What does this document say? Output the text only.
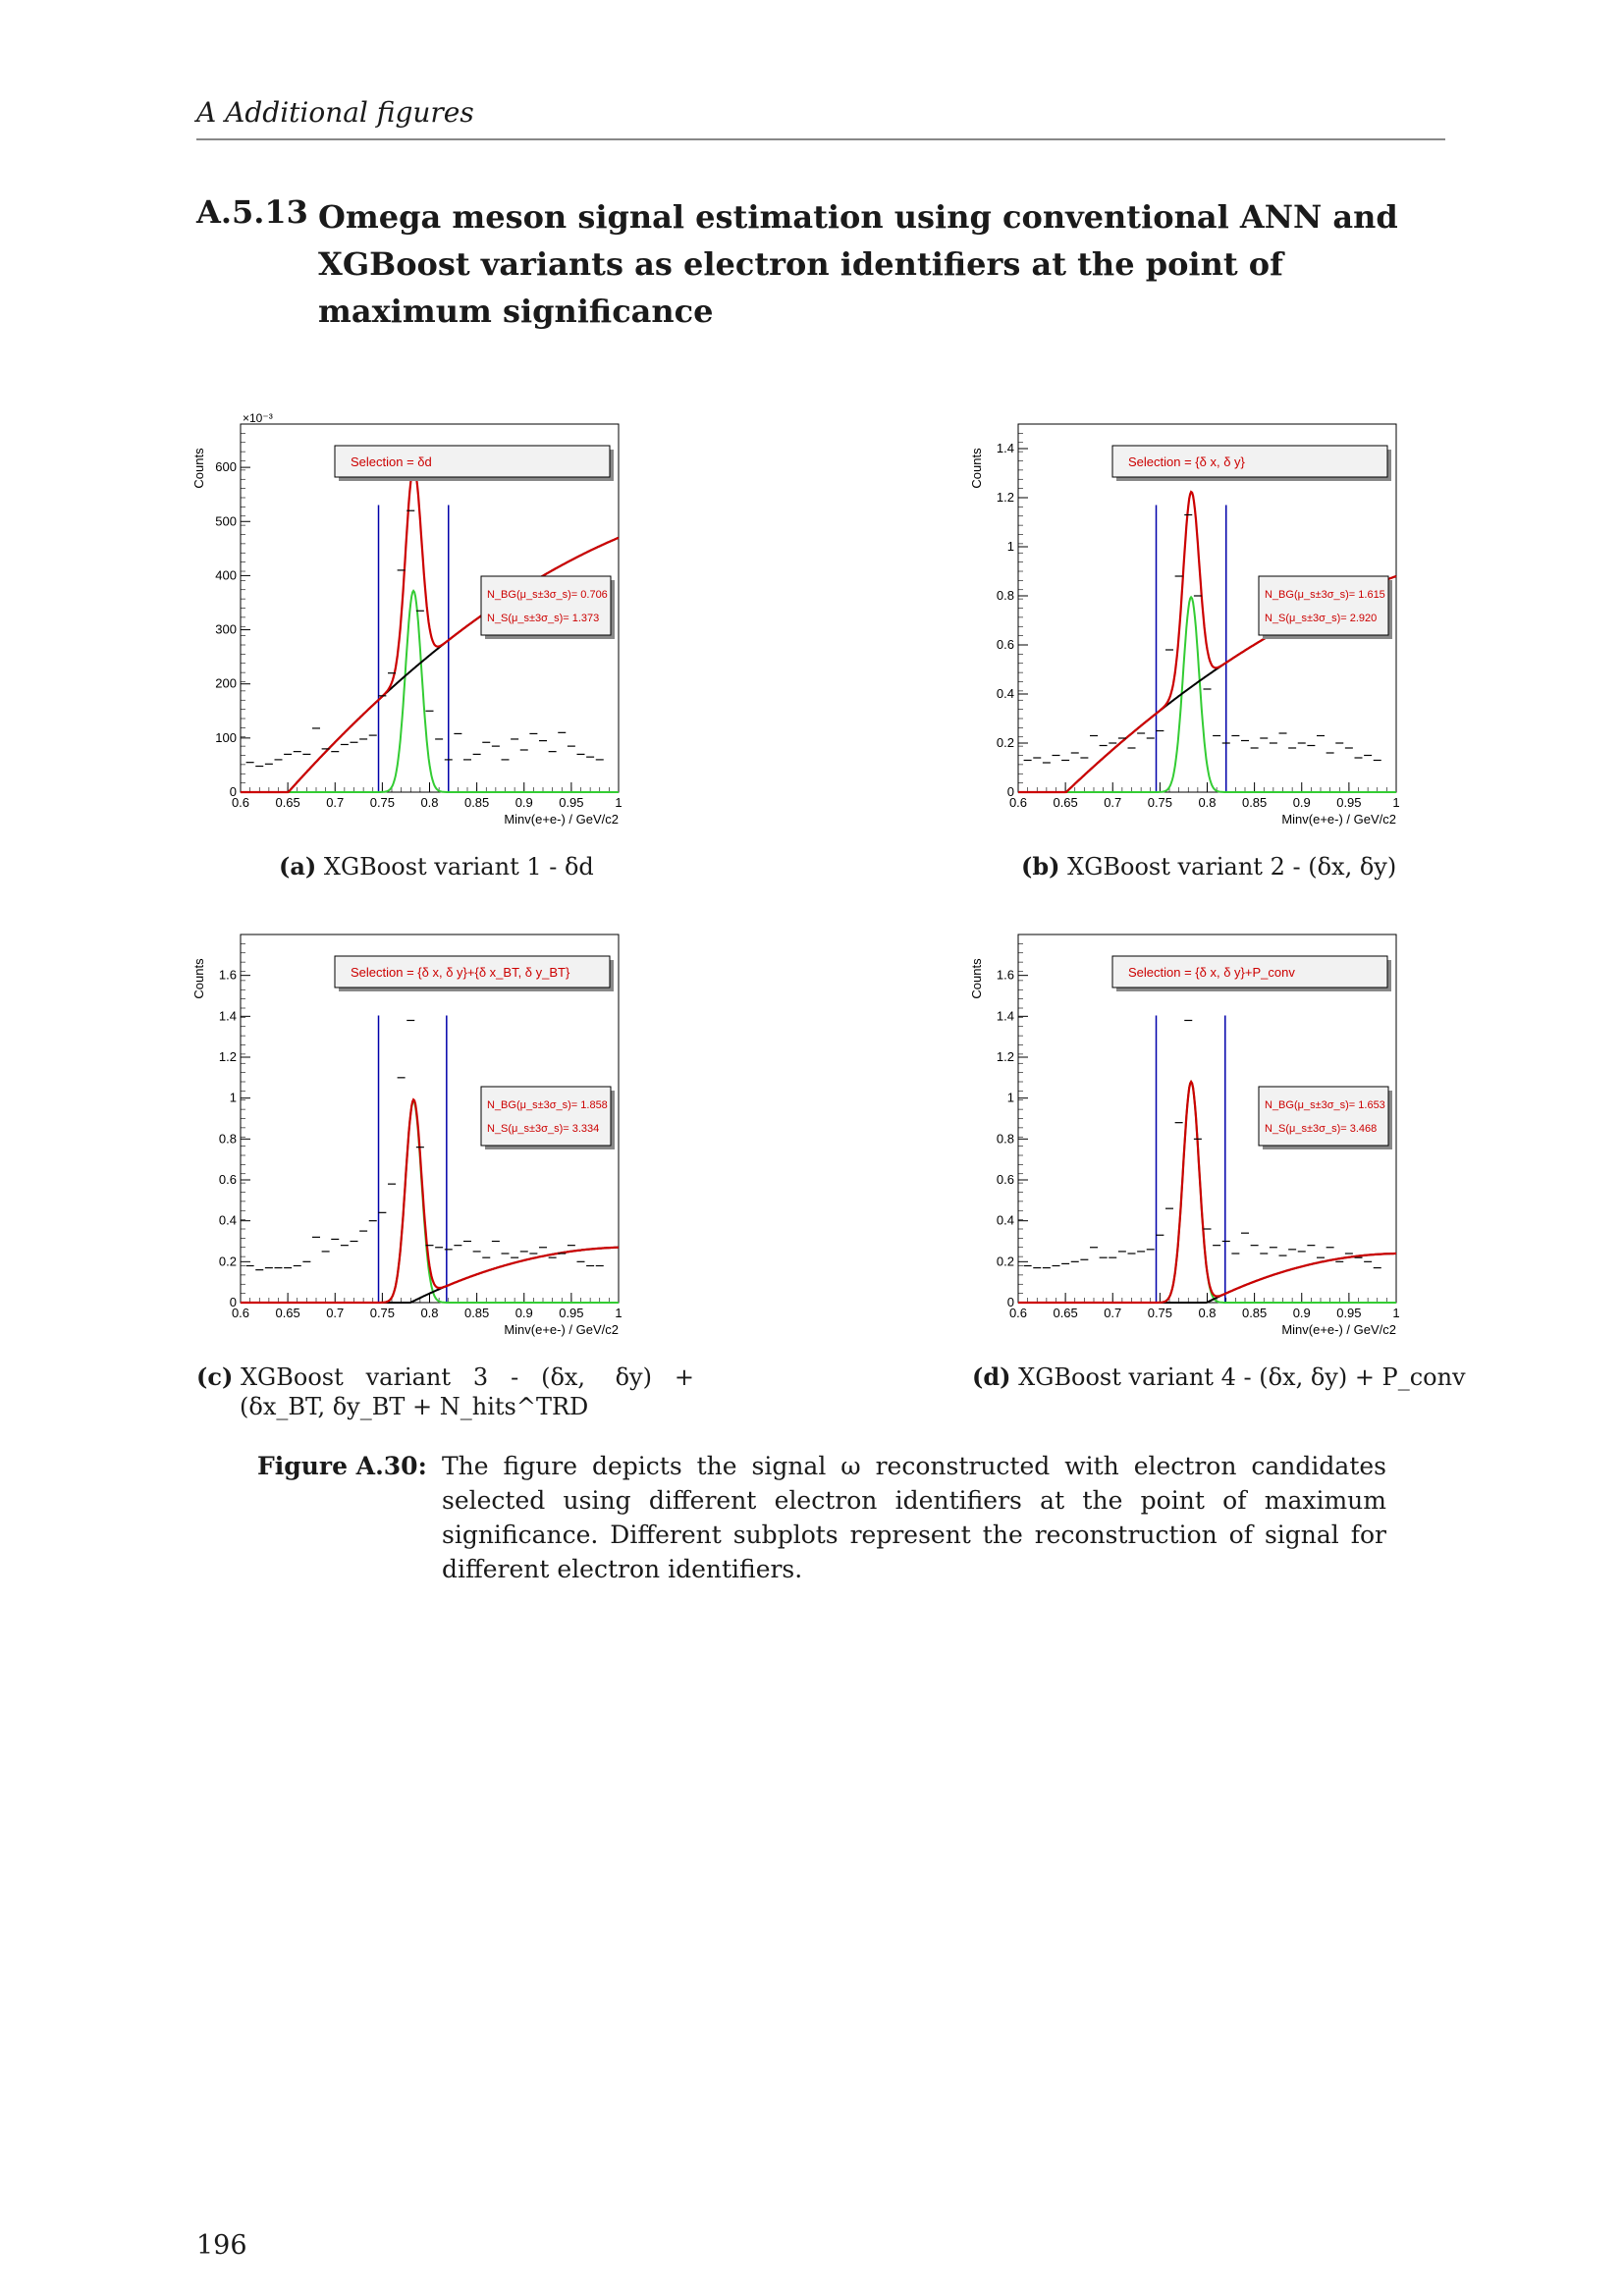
A Additional figures
A.5.13 Omega meson signal estimation using conventional ANN and XGBoost variants as electron identifiers at the point of maximum significance
100
200
300
400
500
600
0
0.6 0.65 0.7 0.75 0.8 0.85 0.9 0.95 1
Counts
Minv(e+e-) / GeV/c2
×10⁻³
Selection = δd
N_BG(μ_s±3σ_s)= 0.706
N_S(μ_s±3σ_s)= 1.373
0.2
0.4
0.6
0.8
1
1.2
1.4
0
0.6 0.65 0.7 0.75 0.8 0.85 0.9 0.95 1
Counts
Minv(e+e-) / GeV/c2
Selection = {δ x, δ y}
N_BG(μ_s±3σ_s)= 1.615
N_S(μ_s±3σ_s)= 2.920
0.2
0.4
0.6
0.8
1
1.2
1.4
1.6
0
0.6 0.65 0.7 0.75 0.8 0.85 0.9 0.95 1
Counts
Minv(e+e-) / GeV/c2
Selection = {δ x, δ y}+{δ x_BT, δ y_BT}
N_BG(μ_s±3σ_s)= 1.858
N_S(μ_s±3σ_s)= 3.334
0.2
0.4
0.6
0.8
1
1.2
1.4
1.6
0
0.6 0.65 0.7 0.75 0.8 0.85 0.9 0.95 1
Counts
Minv(e+e-) / GeV/c2
Selection = {δ x, δ y}+P_conv
N_BG(μ_s±3σ_s)= 1.653
N_S(μ_s±3σ_s)= 3.468
(a) XGBoost variant 1 - δd	(b) XGBoost variant 2 - (δx, δy)
(c) XGBoost   variant   3   -   (δx,    δy)   +
(δx_BT, δy_BT + N_hits^TRD
(d) XGBoost variant 4 - (δx, δy) + P_conv
Figure A.30: The figure depicts the signal ω reconstructed with electron candidates selected using different electron identifiers at the point of maximum significance. Different subplots represent the reconstruction of signal for different electron identifiers.
196
